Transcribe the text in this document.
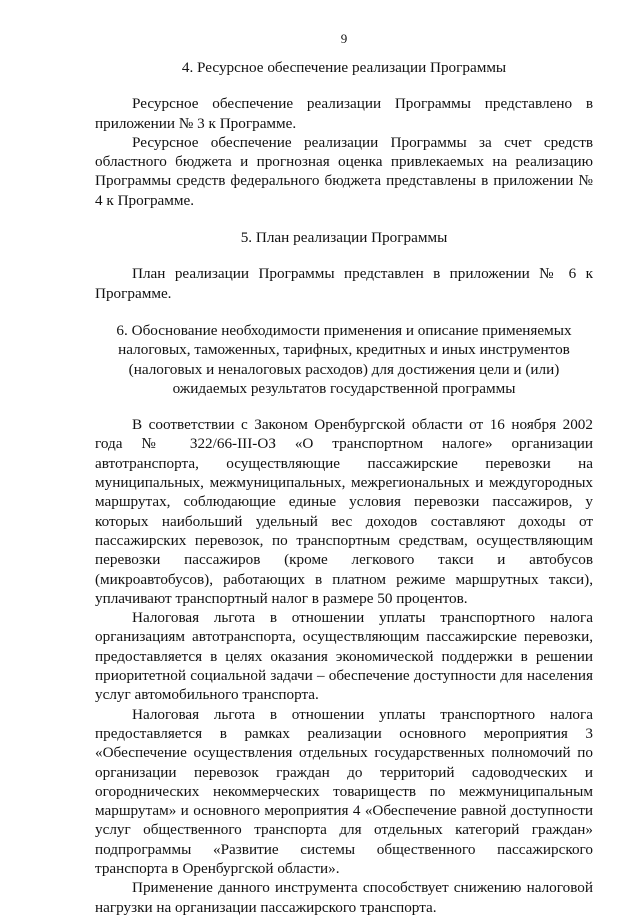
9

4. Ресурсное обеспечение реализации Программы

Ресурсное обеспечение реализации Программы представлено в приложении № 3 к Программе.

Ресурсное обеспечение реализации Программы за счет средств областного бюджета и прогнозная оценка привлекаемых на реализацию Программы средств федерального бюджета представлены в приложении № 4 к Программе.

5. План реализации Программы

План реализации Программы представлен в приложении № 6 к Программе.

6. Обоснование необходимости применения и описание применяемых

налоговых, таможенных, тарифных, кредитных и иных инструментов

(налоговых и неналоговых расходов) для достижения цели и (или)

ожидаемых результатов государственной программы

В соответствии с Законом Оренбургской области от 16 ноября 2002 года № 322/66-III-ОЗ «О транспортном налоге» организации автотранспорта, осуществляющие пассажирские перевозки на муниципальных, межмуниципальных, межрегиональных и междугородных маршрутах, соблюдающие единые условия перевозки пассажиров, у которых наибольший удельный вес доходов составляют доходы от пассажирских перевозок, по транспортным средствам, осуществляющим перевозки пассажиров (кроме легкового такси и автобусов (микроавтобусов), работающих в платном режиме маршрутных такси), уплачивают транспортный налог в размере 50 процентов.

Налоговая льгота в отношении уплаты транспортного налога организациям автотранспорта, осуществляющим пассажирские перевозки, предоставляется в целях оказания экономической поддержки в решении приоритетной социальной задачи – обеспечение доступности для населения услуг автомобильного транспорта.

Налоговая льгота в отношении уплаты транспортного налога предоставляется в рамках реализации основного мероприятия 3 «Обеспечение осуществления отдельных государственных полномочий по организации перевозок граждан до территорий садоводческих и огороднических некоммерческих товариществ по межмуниципальным маршрутам» и основного мероприятия 4 «Обеспечение равной доступности услуг общественного транспорта для отдельных категорий граждан» подпрограммы «Развитие системы общественного пассажирского транспорта в Оренбургской области».

Применение данного инструмента способствует снижению налоговой нагрузки на организации пассажирского транспорта.
